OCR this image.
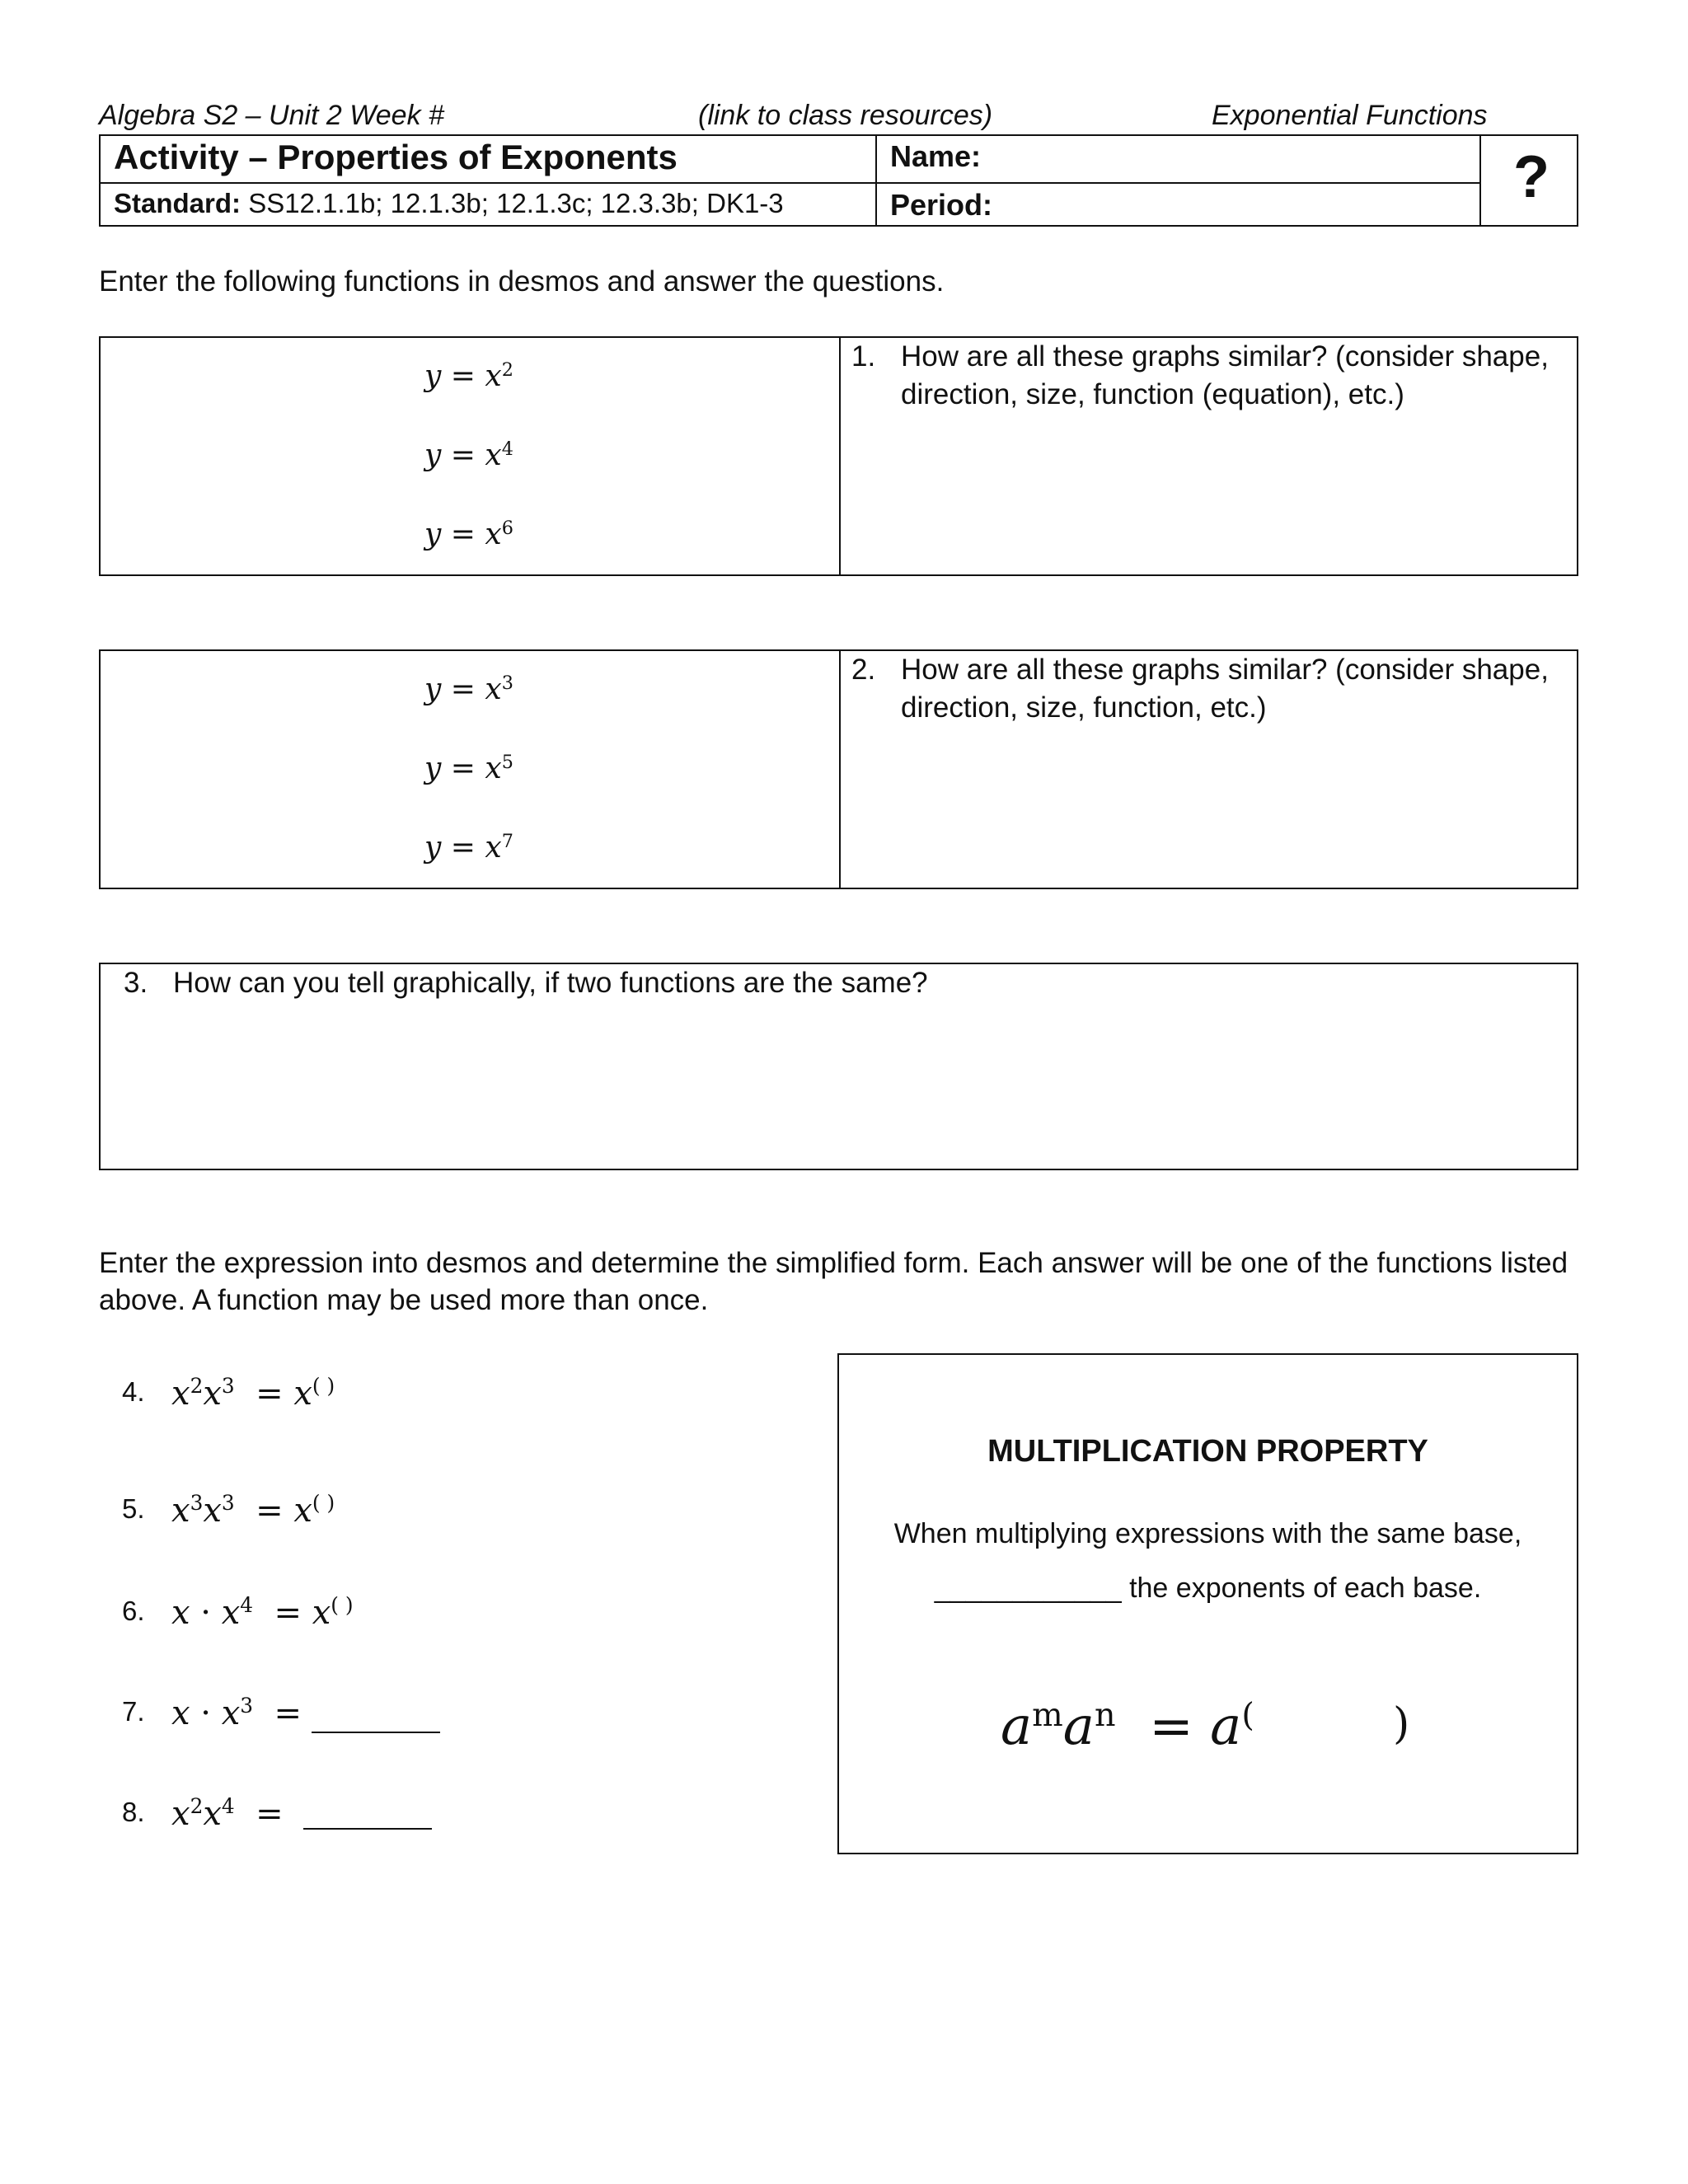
Algebra S2 – Unit 2 Week #	(link to class resources)	Exponential Functions
Activity – Properties of Exponents
Standard: SS12.1.1b; 12.1.3b; 12.1.3c; 12.3.3b; DK1-3
Name:
Period:	?
Enter the following functions in desmos and answer the questions.
$y = x^2$
$y = x^4$
$y = x^6$
1. How are all these graphs similar? (consider shape, direction, size, function (equation), etc.)
$y = x^3$
$y = x^5$
$y = x^7$
2. How are all these graphs similar? (consider shape, direction, size, function, etc.)
3. How can you tell graphically, if two functions are the same?
Enter the expression into desmos and determine the simplified form. Each answer will be one of the functions listed above. A function may be used more than once.
4. $x^2x^3 = x^{( )}$
5. $x^3x^3 = x^{( )}$
6. $x \cdot x^4 = x^{( )}$
7. $x \cdot x^3$ =
8. $x^2x^4$ =
MULTIPLICATION PROPERTY
When multiplying expressions with the same base,
____________ the exponents of each base.
$a^ma^n = a^($	)
